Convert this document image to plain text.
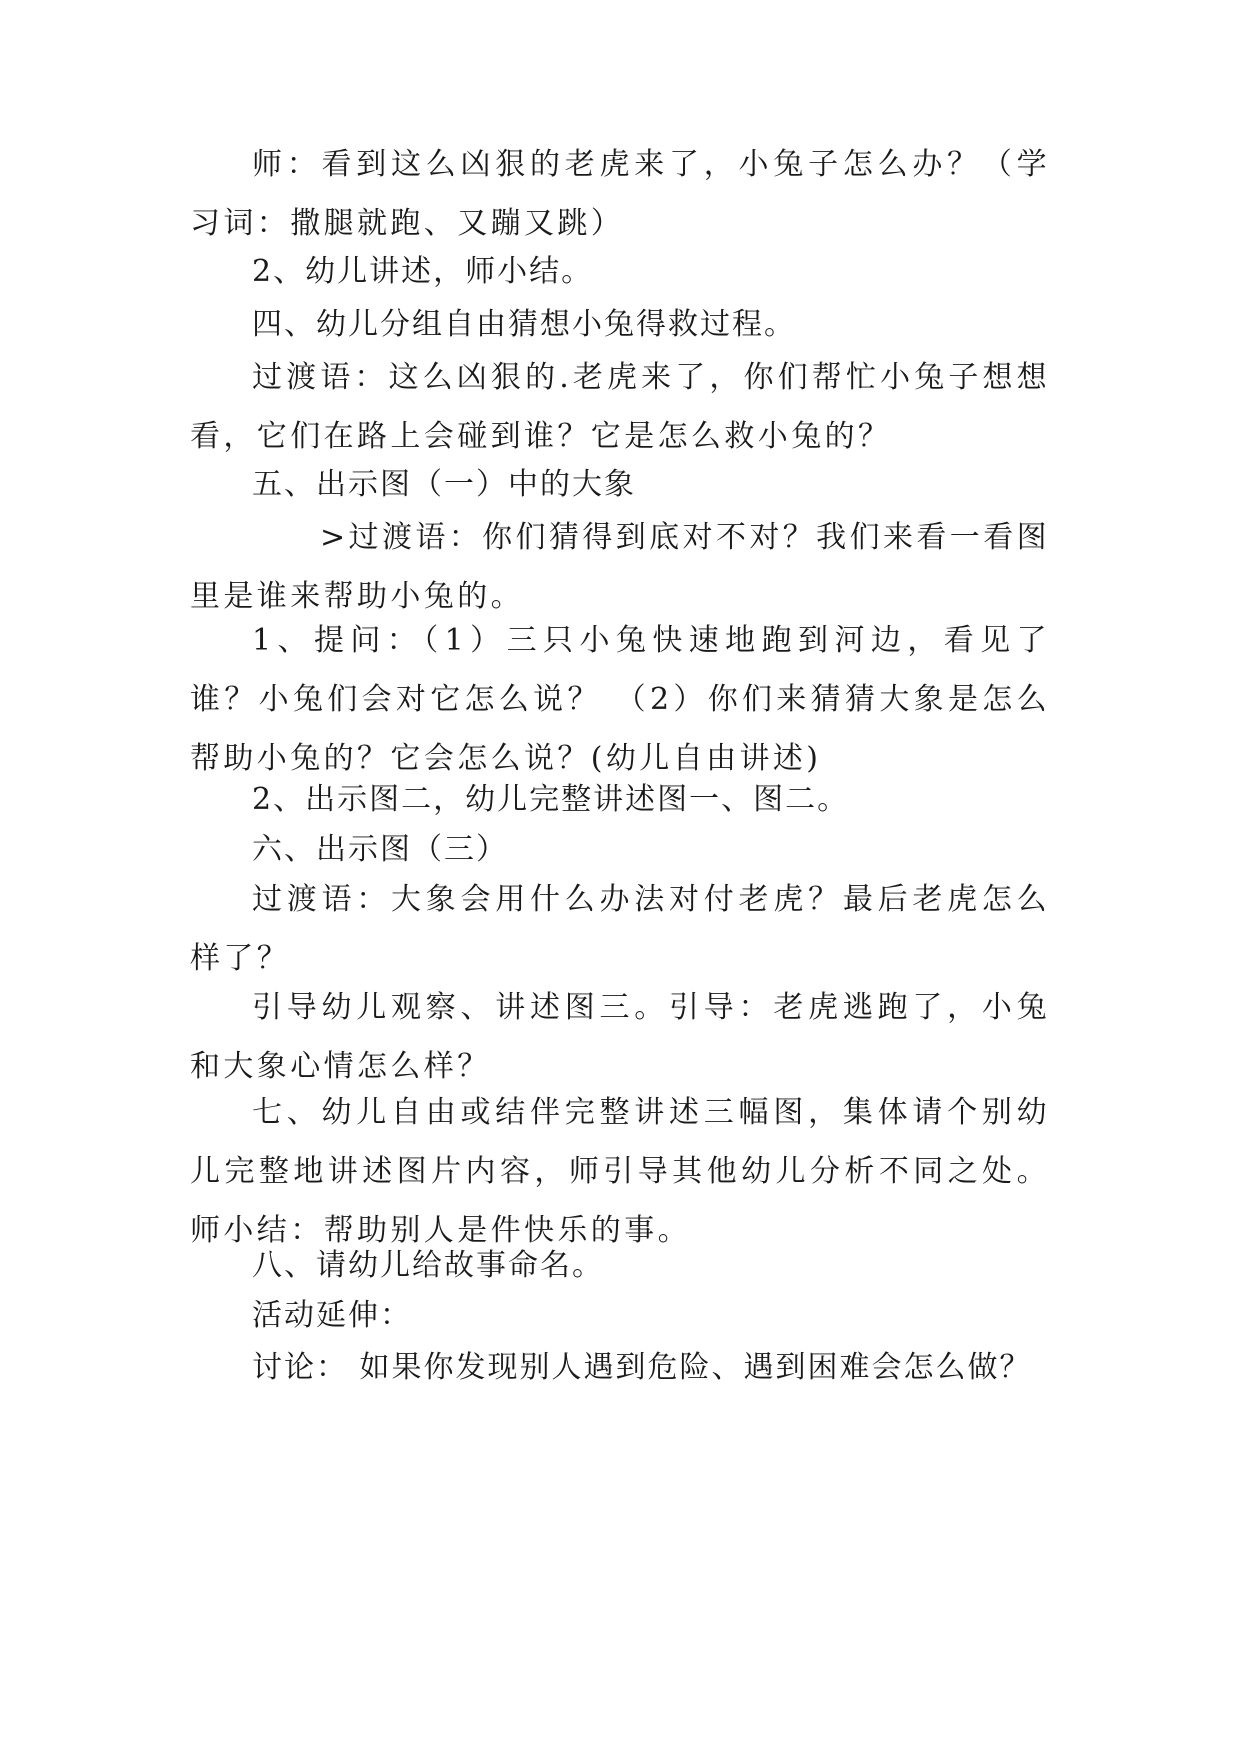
师：看到这么凶狠的老虎来了，小兔子怎么办？（学习词：撒腿就跑、又蹦又跳）

2、幼儿讲述，师小结。

四、幼儿分组自由猜想小兔得救过程。

过渡语：这么凶狠的.老虎来了，你们帮忙小兔子想想看，它们在路上会碰到谁？它是怎么救小兔的？

五、出示图（一）中的大象

>过渡语：你们猜得到底对不对？我们来看一看图里是谁来帮助小兔的。

1、提问：（1）三只小兔快速地跑到河边，看见了谁？小兔们会对它怎么说？ （2）你们来猜猜大象是怎么帮助小兔的？它会怎么说？(幼儿自由讲述)

2、出示图二，幼儿完整讲述图一、图二。

六、出示图（三）

过渡语：大象会用什么办法对付老虎？最后老虎怎么样了？

引导幼儿观察、讲述图三。引导：老虎逃跑了，小兔和大象心情怎么样？

七、幼儿自由或结伴完整讲述三幅图，集体请个别幼儿完整地讲述图片内容，师引导其他幼儿分析不同之处。师小结：帮助别人是件快乐的事。

八、请幼儿给故事命名。

活动延伸：

讨论： 如果你发现别人遇到危险、遇到困难会怎么做？
